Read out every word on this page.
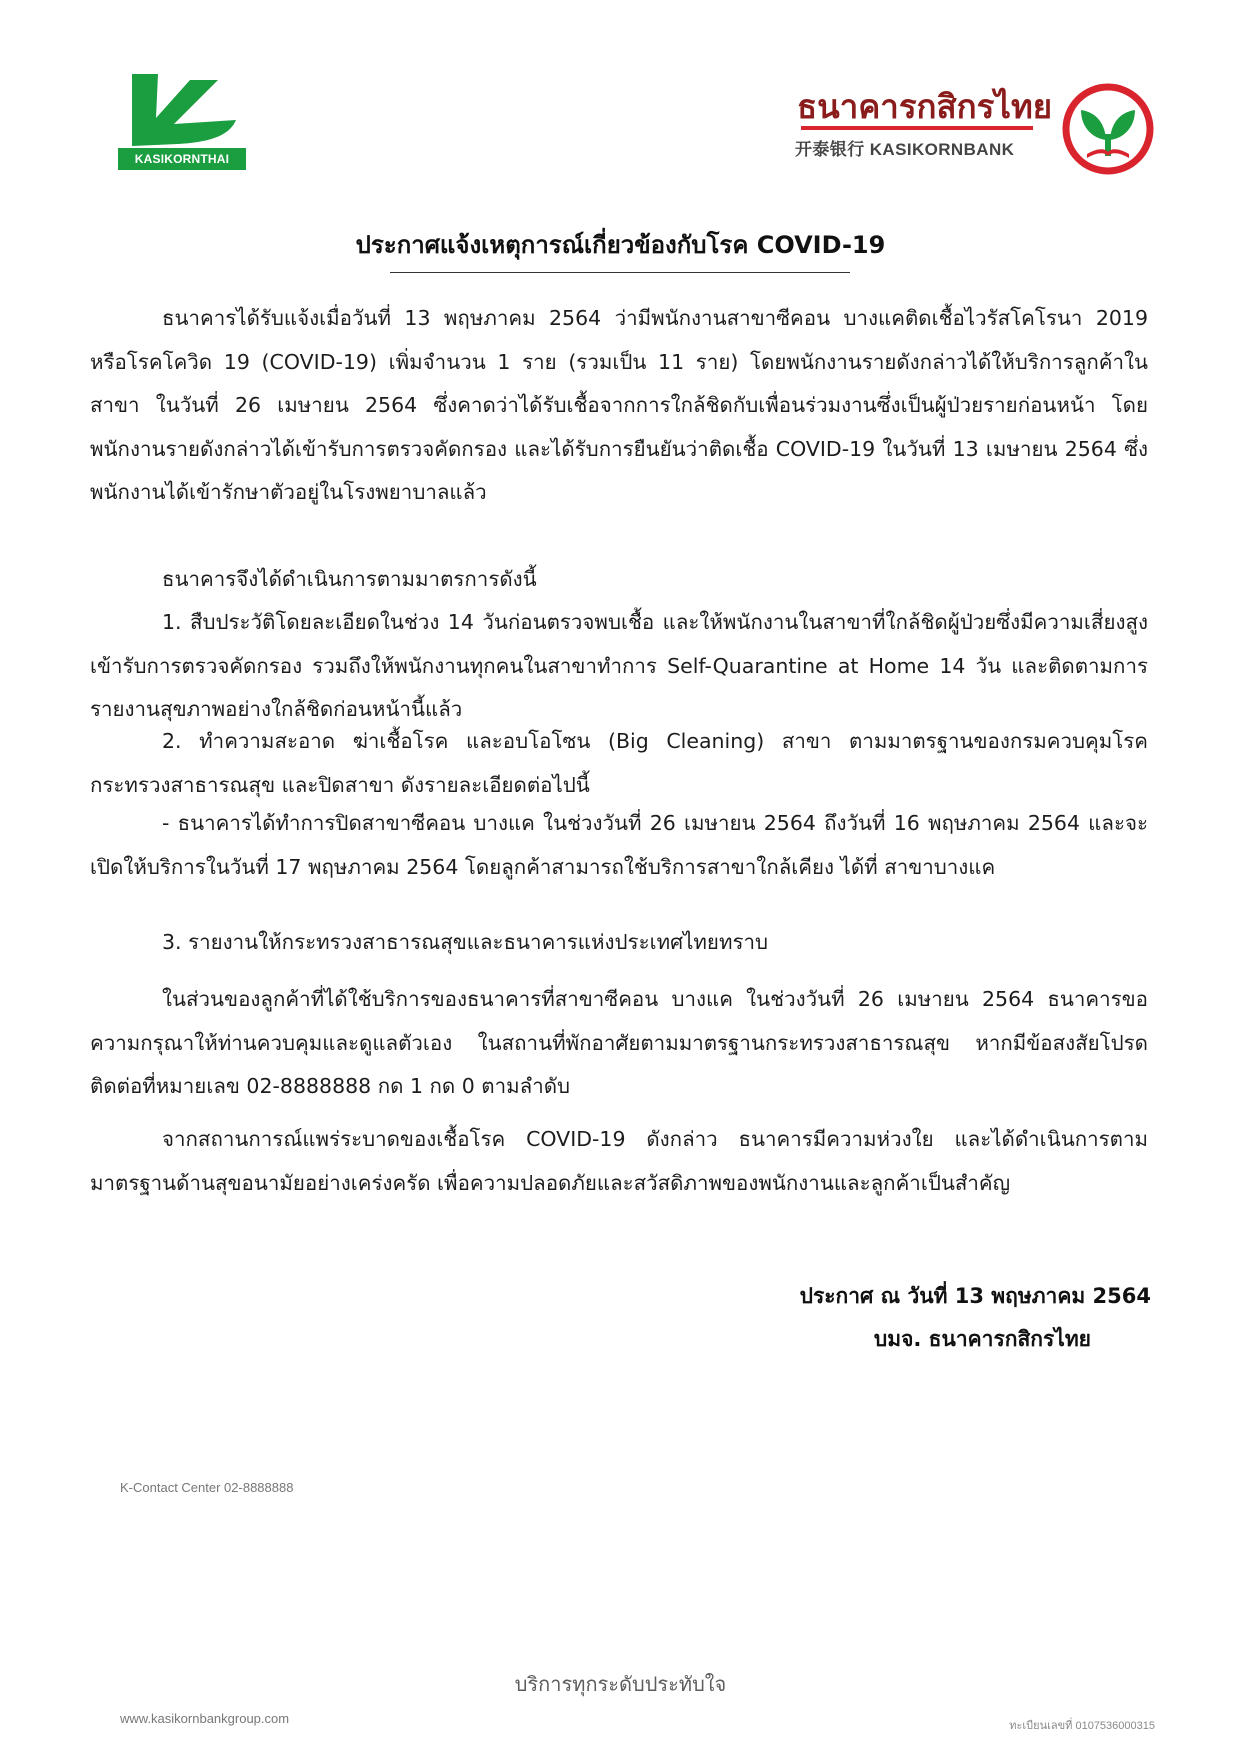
KASIKORNTHAI
ธนาคารกสิกรไทย
开泰银行 KASIKORNBANK
ประกาศแจ้งเหตุการณ์เกี่ยวข้องกับโรค COVID-19

ธนาคารได้รับแจ้งเมื่อวันที่ 13 พฤษภาคม 2564 ว่ามีพนักงานสาขาซีคอน บางแคติดเชื้อไวรัสโคโรนา 2019 หรือโรคโควิด 19 (COVID-19) เพิ่มจำนวน 1 ราย (รวมเป็น 11 ราย) โดยพนักงานรายดังกล่าวได้ให้บริการลูกค้าในสาขา ในวันที่ 26 เมษายน 2564 ซึ่งคาดว่าได้รับเชื้อจากการใกล้ชิดกับเพื่อนร่วมงานซึ่งเป็นผู้ป่วยรายก่อนหน้า โดยพนักงานรายดังกล่าวได้เข้ารับการตรวจคัดกรอง และได้รับการยืนยันว่าติดเชื้อ COVID-19 ในวันที่ 13 เมษายน 2564 ซึ่งพนักงานได้เข้ารักษาตัวอยู่ในโรงพยาบาลแล้ว

ธนาคารจึงได้ดำเนินการตามมาตรการดังนี้

1. สืบประวัติโดยละเอียดในช่วง 14 วันก่อนตรวจพบเชื้อ และให้พนักงานในสาขาที่ใกล้ชิดผู้ป่วยซึ่งมีความเสี่ยงสูงเข้ารับการตรวจคัดกรอง รวมถึงให้พนักงานทุกคนในสาขาทำการ Self-Quarantine at Home 14 วัน และติดตามการรายงานสุขภาพอย่างใกล้ชิดก่อนหน้านี้แล้ว

2. ทำความสะอาด ฆ่าเชื้อโรค และอบโอโซน (Big Cleaning) สาขา ตามมาตรฐานของกรมควบคุมโรค กระทรวงสาธารณสุข และปิดสาขา ดังรายละเอียดต่อไปนี้

- ธนาคารได้ทำการปิดสาขาซีคอน บางแค ในช่วงวันที่ 26 เมษายน 2564 ถึงวันที่ 16 พฤษภาคม 2564 และจะเปิดให้บริการในวันที่ 17 พฤษภาคม 2564 โดยลูกค้าสามารถใช้บริการสาขาใกล้เคียง ได้ที่ สาขาบางแค

3. รายงานให้กระทรวงสาธารณสุขและธนาคารแห่งประเทศไทยทราบ

ในส่วนของลูกค้าที่ได้ใช้บริการของธนาคารที่สาขาซีคอน บางแค ในช่วงวันที่ 26 เมษายน 2564 ธนาคารขอความกรุณาให้ท่านควบคุมและดูแลตัวเอง ในสถานที่พักอาศัยตามมาตรฐานกระทรวงสาธารณสุข หากมีข้อสงสัยโปรดติดต่อที่หมายเลข 02-8888888 กด 1 กด 0 ตามลำดับ

จากสถานการณ์แพร่ระบาดของเชื้อโรค COVID-19 ดังกล่าว ธนาคารมีความห่วงใย และได้ดำเนินการตามมาตรฐานด้านสุขอนามัยอย่างเคร่งครัด เพื่อความปลอดภัยและสวัสดิภาพของพนักงานและลูกค้าเป็นสำคัญ

ประกาศ ณ วันที่ 13 พฤษภาคม 2564
บมจ. ธนาคารกสิกรไทย
K-Contact Center 02-8888888
www.kasikornbankgroup.com
บริการทุกระดับประทับใจ
ทะเบียนเลขที่ 0107536000315
